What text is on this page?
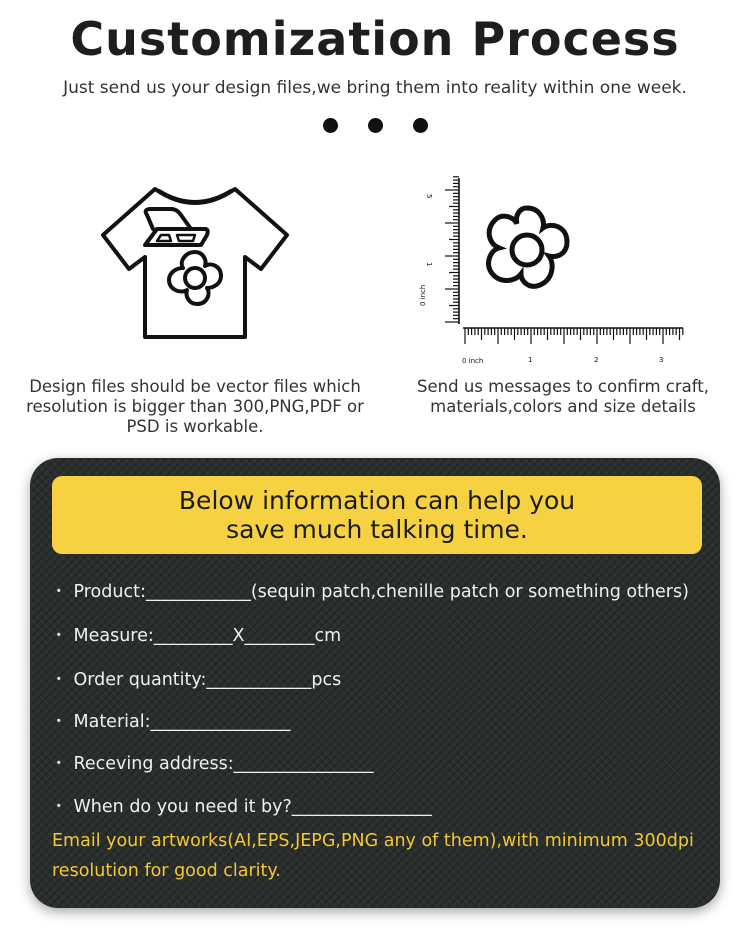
Customization Process
Just send us your design files,we bring them into reality within one week.
0 inch	1	2	3
1
5
0 inch
Design files should be vector files which resolution is bigger than 300,PNG,PDF or PSD is workable.
Send us messages to confirm craft, materials,colors and size details
Below information can help you
save much talking time.
・ Product:____________(sequin patch,chenille patch or something others)
・ Measure:_________X________cm
・ Order quantity:____________pcs
・ Material:________________
・ Receving address:________________
・ When do you need it by?________________
Email your artworks(AI,EPS,JEPG,PNG any of them),with minimum 300dpi resolution for good clarity.
